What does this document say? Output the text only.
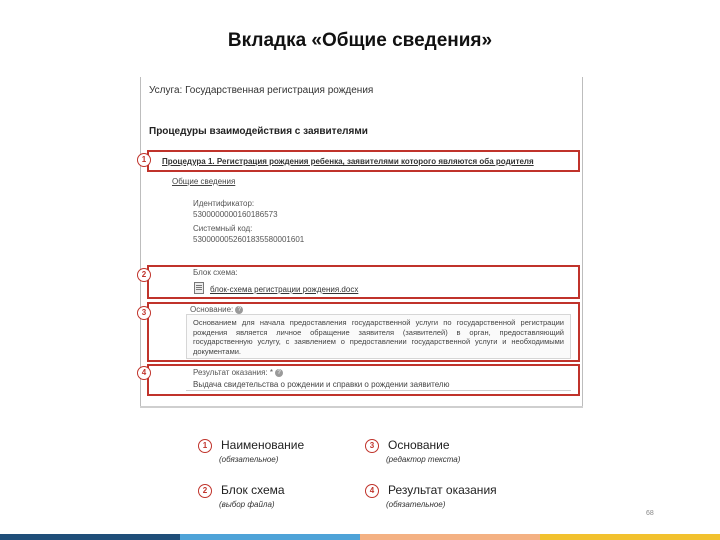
Вкладка «Общие сведения»
Услуга: Государственная регистрация рождения
Процедуры взаимодействия с заявителями
Процедура 1. Регистрация рождения ребенка, заявителями которого являются оба родителя
Общие сведения
Идентификатор:
5300000000160186573
Системный код:
5300000052601835580001601
Блок схема:
блок-схема регистрации рождения.docx
Основание: ?
Основанием для начала предоставления государственной услуги по государственной регистрации рождения является личное обращение заявителя (заявителей) в орган, предоставляющий государственную услугу, с заявлением о предоставлении государственной услуги и необходимыми документами.
Результат оказания: * ?
Выдача свидетельства о рождении и справки о рождении заявителю
1
2
3
4
1	Наименование
(обязательное)
3	Основание
(редактор текста)
2	Блок схема
(выбор файла)
4	Результат оказания
(обязательное)
68
